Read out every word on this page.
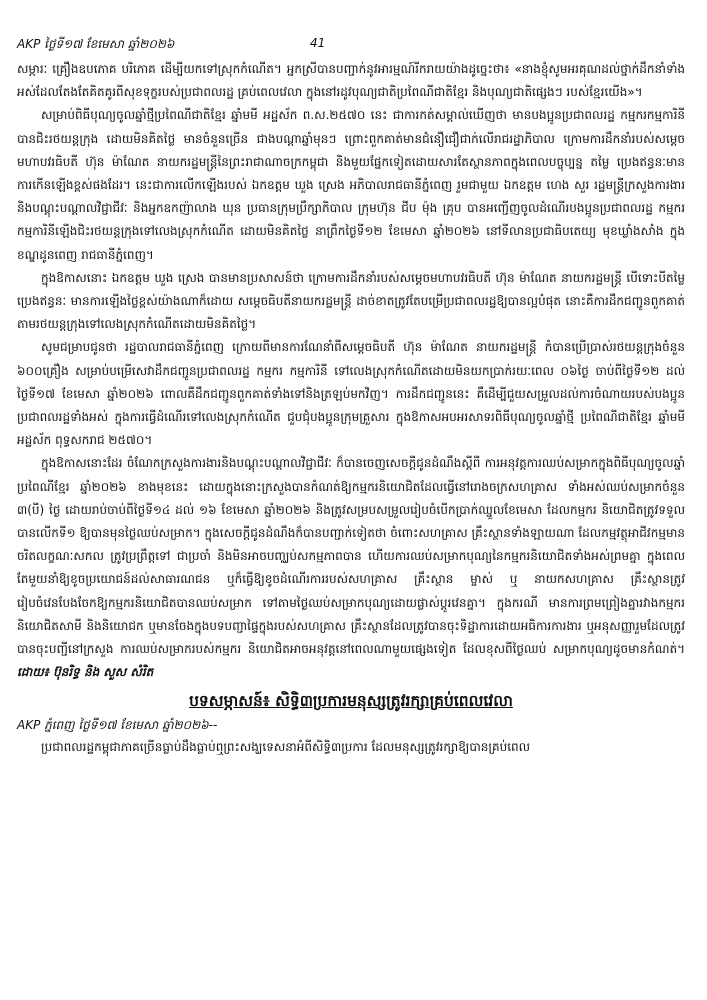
AKP ថ្ងៃទី១៧ ខែមេសា ឆ្នាំ២០២៦	41

សម្ភារៈ គ្រឿងឧបភោគ បរិភោគ ដើម្បីយកទៅស្រុកកំណើត។ អ្នកស្រីបានបញ្ជាក់នូវអារម្មណ៍រីករាយយ៉ាងដូច្នេះថា៖ «នាងខ្ញុំសូមអរគុណដល់ថ្នាក់ដឹកនាំទាំងអស់ដែលតែងតែគិតគូរពីសុខទុក្ខរបស់ប្រជាពលរដ្ឋ គ្រប់ពេលវេលា ក្នុងនៅរដូវបុណ្យជាតិប្រពៃណីជាតិខ្មែរ និងបុណ្យជាតិផ្សេងៗ របស់ខ្មែរយើង»។

សម្រាប់ពិធីបុណ្យចូលឆ្នាំថ្មីប្រពៃណីជាតិខ្មែរ ឆ្នាំមមី អដ្ឋស័ក ព.ស.២៥៧០ នេះ ជាការកត់សម្គាល់ឃើញថា មានបងប្អូនប្រជាពលរដ្ឋ កម្មករកម្មការិនី បានជិះរថយន្តក្រុង ដោយមិនគិតថ្លៃ មានចំនួនច្រើន ជាងបណ្តាឆ្នាំមុនៗ ព្រោះពួកគាត់មានជំនឿជឿជាក់លើរាជរដ្ឋាភិបាល ក្រោមការដឹកនាំរបស់សម្តេចមហាបវរធិបតី ហ៊ុន ម៉ាណែត នាយករដ្ឋមន្ត្រីនៃព្រះរាជាណាចក្រកម្ពុជា និងមួយផ្នែកទៀតដោយសារតែស្ថានភាពក្នុងពេលបច្ចុប្បន្ន តម្លៃ ប្រេងឥន្ធនៈមានការកើនឡើងខ្ពស់ផងដែរ។ នេះជាការលើកឡើងរបស់ ឯកឧត្តម ឃួង ស្រេង អភិបាលរាជធានីភ្នំពេញ រួមជាមួយ ឯកឧត្តម ហេង សួរ រដ្ឋមន្ត្រីក្រសួងការងារ និងបណ្តុះបណ្តាលវិជ្ជាជីវៈ និងអ្នកឧកញ៉ាលាង ឃុន ប្រធានក្រុមប្រឹក្សាភិបាល ក្រុមហ៊ុន ជីប ម៉ុង គ្រុប បានអញ្ជើញចូលដំណើរបងប្អូនប្រជាពលរដ្ឋ កម្មករ កម្មការិនីឡើងជិះរថយន្តក្រុងទៅលេងស្រុកកំណើត ដោយមិនគិតថ្លៃ នាព្រឹកថ្ងៃទី១២ ខែមេសា ឆ្នាំ២០២៦ នៅទីលានប្រជាធិបតេយ្យ មុខឃ្លាំងសាំង ក្នុងខណ្ឌដូនពេញ រាជធានីភ្នំពេញ។

ក្នុងឱកាសនោះ ឯកឧត្តម ឃួង ស្រេង បានមានប្រសាសន៍ថា ក្រោមការដឹកនាំរបស់សម្តេចមហាបវរធិបតី ហ៊ុន ម៉ាណែត នាយករដ្ឋមន្ត្រី បើទោះបីតម្លៃប្រេងឥន្ធនៈ មានការឡើងថ្លៃខ្ពស់យ៉ាងណាក៏ដោយ សម្តេចធិបតីនាយករដ្ឋមន្ត្រី ដាច់ខាតត្រូវតែបម្រើប្រជាពលរដ្ឋឱ្យបានល្អបំផុត នោះគឺការដឹកជញ្ជូនពួកគាត់តាមរថយន្តក្រុងទៅលេងស្រុកកំណើតដោយមិនគិតថ្លៃ។

សូមជម្រាបជូនថា រដ្ឋបាលរាជធានីភ្នំពេញ ក្រោយពីមានការណែនាំពីសម្តេចធិបតី ហ៊ុន ម៉ាណែត នាយករដ្ឋមន្ត្រី កំបានប្រើប្រាស់រថយន្តក្រុងចំនួន ៦០០គ្រឿង សម្រាប់បម្រើសេវាដឹកជញ្ជូនប្រជាពលរដ្ឋ កម្មករ កម្មការិនី ទៅលេងស្រុកកំណើតដោយមិនយកប្រាក់រយៈពេល ០៦ថ្ងៃ ចាប់ពីថ្ងៃទី១២ ដល់ ថ្ងៃទី១៧ ខែមេសា ឆ្នាំ២០២៦ ពោលគឺដឹកជញ្ជូនពួកគាត់ទាំងទៅនិងត្រឡប់មកវិញ។ ការដឹកជញ្ជូននេះ គឺដើម្បីជួយសម្រួលដល់ការចំណាយរបស់បងប្អូនប្រជាពលរដ្ឋទាំងអស់ ក្នុងការធ្វើដំណើរទៅលេងស្រុកកំណើត ជួបជុំបងប្អូនក្រុមគ្រួសារ ក្នុងឱកាសអបអរសាទរពិធីបុណ្យចូលឆ្នាំថ្មី ប្រពៃណីជាតិខ្មែរ ឆ្នាំមមី អដ្ឋស័ក ពុទ្ធសករាជ ២៥៧០។

ក្នុងឱកាសនោះដែរ ចំណែកក្រសួងការងារនិងបណ្តុះបណ្តាលវិជ្ជាជីវៈ ក៏បានចេញសេចក្តីជូនដំណឹងស្តីពី ការអនុវត្តការឈប់សម្រាកក្នុងពិធីបុណ្យចូលឆ្នាំប្រពៃណីខ្មែរ ឆ្នាំ២០២៦ ខាងមុខនេះ ដោយក្នុងនោះក្រសួងបានកំណត់ឱ្យកម្មករនិយោជិតដែលធ្វើនៅរោងចក្រសហគ្រាស ទាំងអស់ឈប់សម្រាកចំនួន ៣(បី) ថ្ងៃ ដោយរាប់ចាប់ពីថ្ងៃទី១៤ ដល់ ១៦ ខែមេសា ឆ្នាំ២០២៦ និងត្រូវសម្របសម្រួលរៀបចំបើកប្រាក់ឈ្នួលខែមេសា ដែលកម្មករ និយោជិតត្រូវទទួលបានលើកទី១ ឱ្យបានមុនថ្ងៃឈប់សម្រាក។ ក្នុងសេចក្តីជូនដំណឹងក៏បានបញ្ជាក់ទៀតថា ចំពោះសហគ្រាស គ្រឹះស្ថានទាំងឡាយណា ដែលកម្មវត្ថុអាជីវកម្មមានចរិតលក្ខណៈសកល ត្រូវប្រព្រឹត្តទៅ ជាប្រចាំ និងមិនអាចបញ្ឈប់សកម្មភាពបាន ហើយការឈប់សម្រាកបុណ្យនៃកម្មករនិយោជិតទាំងអស់ព្រមគ្នា ក្នុងពេលតែមួយនាំឱ្យខូចប្រយោជន៍ដល់សាធារណជន ឬក៏ធ្វើឱ្យខូចដំណើរការរបស់សហគ្រាស គ្រឹះស្ថាន ម្ចាស់ ឬ នាយកសហគ្រាស គ្រឹះស្ថានត្រូវរៀបចំវេនបែងចែកឱ្យកម្មករនិយោជិតបានឈប់សម្រាក ទៅតាមថ្ងៃឈប់សម្រាកបុណ្យដោយផ្លាស់ប្តូរវេនគ្នា។ ក្នុងករណី មានការព្រមព្រៀងគ្នារវាងកម្មករ និយោជិតសាមី និងនិយោជក ឬមានចែងក្នុងបទបញ្ជាផ្ទៃក្នុងរបស់សហគ្រាស គ្រឹះស្ថានដែលត្រូវបានចុះទិដ្ឋាការដោយអធិការការងារ ឬអនុសញ្ញារួមដែលត្រូវបានចុះបញ្ជីនៅក្រសួង ការឈប់សម្រាករបស់កម្មករ និយោជិតអាចអនុវត្តនៅពេលណាមួយផ្សេងទៀត ដែលខុសពីថ្ងៃឈប់ សម្រាកបុណ្យដូចមានកំណត់។ ដោយ៖ ប៊ុនរិទ្ធ និង សួស សំរិត

បទសម្ភាសន៍៖ សិទ្ធិ៣ប្រការមនុស្សត្រូវរក្សាគ្រប់ពេលវេលា

AKP ភ្នំពេញ ថ្ងៃទី១៧ ខែមេសា ឆ្នាំ២០២៦--

ប្រជាពលរដ្ឋកម្ពុជាភាគច្រើនធ្លាប់ដឹងធ្លាប់ឮព្រះសង្ឃទេសនាអំពីសិទ្ធិ៣ប្រការ ដែលមនុស្សត្រូវរក្សាឱ្យបានគ្រប់ពេល
